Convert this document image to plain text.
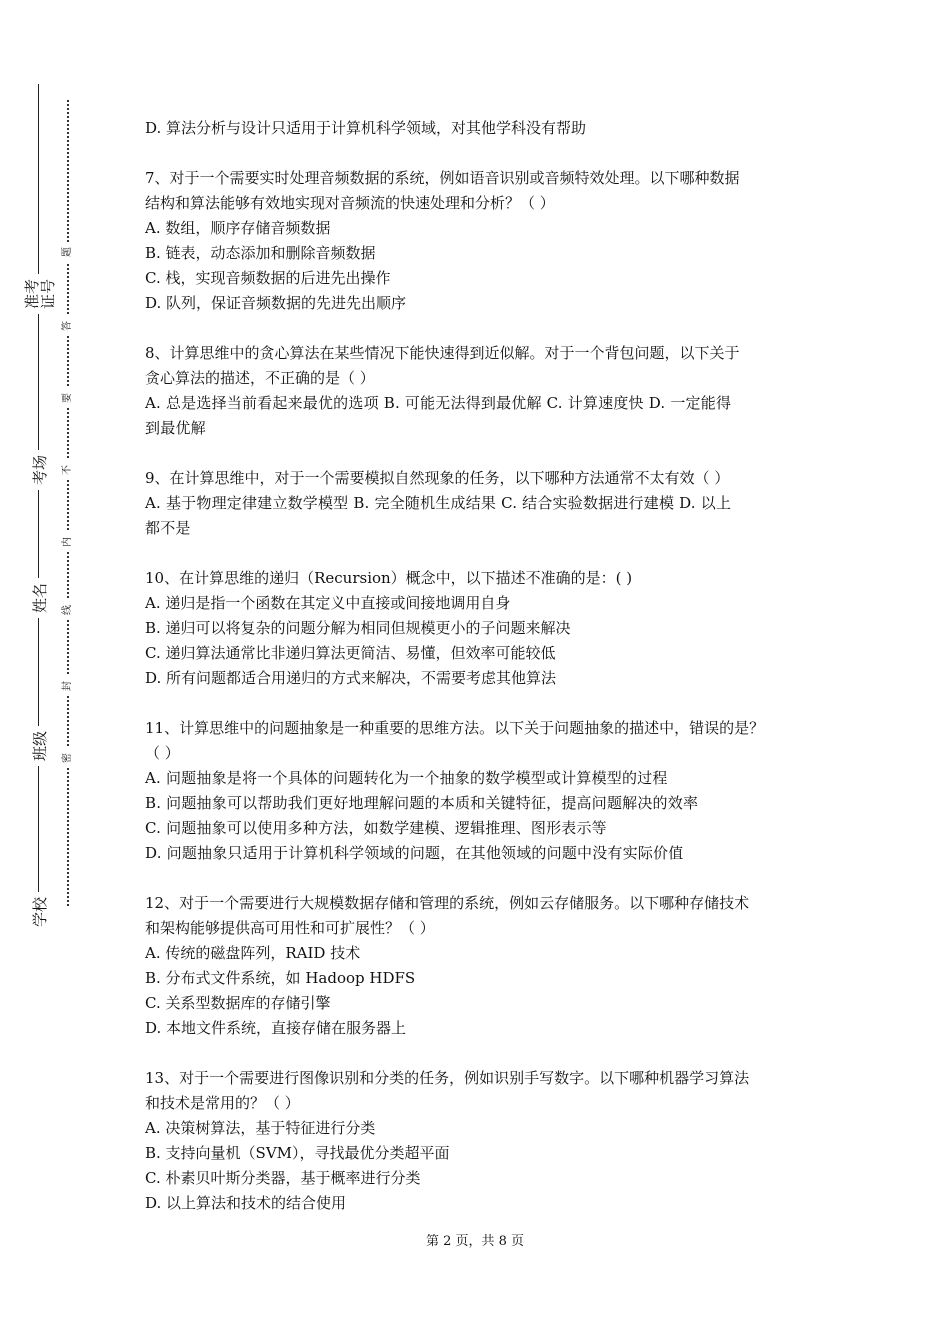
准考证号
考场
姓名
班级
学校
题
答
要
不
内
线
封
密

D. 算法分析与设计只适用于计算机科学领域，对其他学科没有帮助

7、对于一个需要实时处理音频数据的系统，例如语音识别或音频特效处理。以下哪种数据

结构和算法能够有效地实现对音频流的快速处理和分析？（ ）

A. 数组，顺序存储音频数据

B. 链表，动态添加和删除音频数据

C. 栈，实现音频数据的后进先出操作

D. 队列，保证音频数据的先进先出顺序

8、计算思维中的贪心算法在某些情况下能快速得到近似解。对于一个背包问题，以下关于

贪心算法的描述，不正确的是（ ）

A. 总是选择当前看起来最优的选项 B. 可能无法得到最优解 C. 计算速度快 D. 一定能得

到最优解

9、在计算思维中，对于一个需要模拟自然现象的任务，以下哪种方法通常不太有效（ ）

A. 基于物理定律建立数学模型 B. 完全随机生成结果 C. 结合实验数据进行建模 D. 以上

都不是

10、在计算思维的递归（Recursion）概念中，以下描述不准确的是：( )

A. 递归是指一个函数在其定义中直接或间接地调用自身

B. 递归可以将复杂的问题分解为相同但规模更小的子问题来解决

C. 递归算法通常比非递归算法更简洁、易懂，但效率可能较低

D. 所有问题都适合用递归的方式来解决，不需要考虑其他算法

11、计算思维中的问题抽象是一种重要的思维方法。以下关于问题抽象的描述中，错误的是？

（ ）

A. 问题抽象是将一个具体的问题转化为一个抽象的数学模型或计算模型的过程

B. 问题抽象可以帮助我们更好地理解问题的本质和关键特征，提高问题解决的效率

C. 问题抽象可以使用多种方法，如数学建模、逻辑推理、图形表示等

D. 问题抽象只适用于计算机科学领域的问题，在其他领域的问题中没有实际价值

12、对于一个需要进行大规模数据存储和管理的系统，例如云存储服务。以下哪种存储技术

和架构能够提供高可用性和可扩展性？（ ）

A. 传统的磁盘阵列，RAID 技术

B. 分布式文件系统，如 Hadoop HDFS

C. 关系型数据库的存储引擎

D. 本地文件系统，直接存储在服务器上

13、对于一个需要进行图像识别和分类的任务，例如识别手写数字。以下哪种机器学习算法

和技术是常用的？（ ）

A. 决策树算法，基于特征进行分类

B. 支持向量机（SVM），寻找最优分类超平面

C. 朴素贝叶斯分类器，基于概率进行分类

D. 以上算法和技术的结合使用

第 2 页，共 8 页
